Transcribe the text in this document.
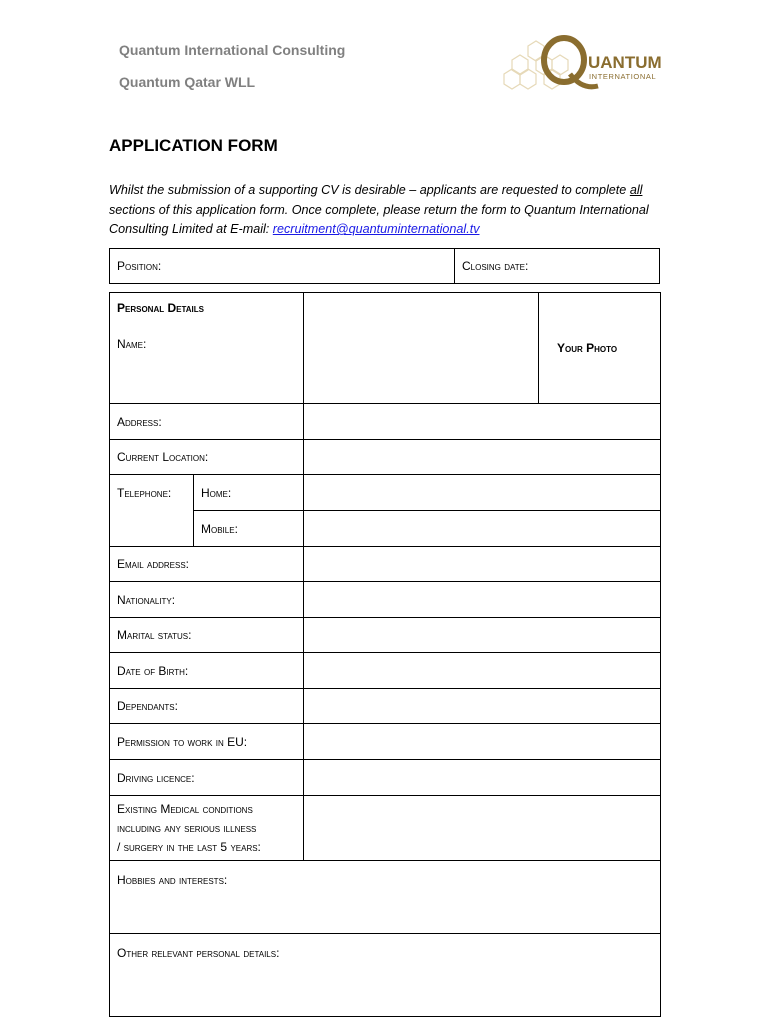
Quantum International Consulting
Quantum Qatar WLL
UANTUM
INTERNATIONAL
APPLICATION FORM
Whilst the submission of a supporting CV is desirable – applicants are requested to complete all sections of this application form. Once complete, please return the form to Quantum International Consulting Limited at E-mail: recruitment@quantuminternational.tv
Position:	Closing date:
Personal Details
Name:			Your Photo
Address:			
Current Location:			
Telephone:	Home:		
	Mobile:		
Email address:			
Nationality:			
Marital status:			
Date of Birth:			
Dependants:			
Permission to work in EU:			
Driving licence:			

Existing Medical conditions
including any serious illness
/ surgery in the last 5 years:			

Hobbies and interests:			
Other relevant personal details:			
